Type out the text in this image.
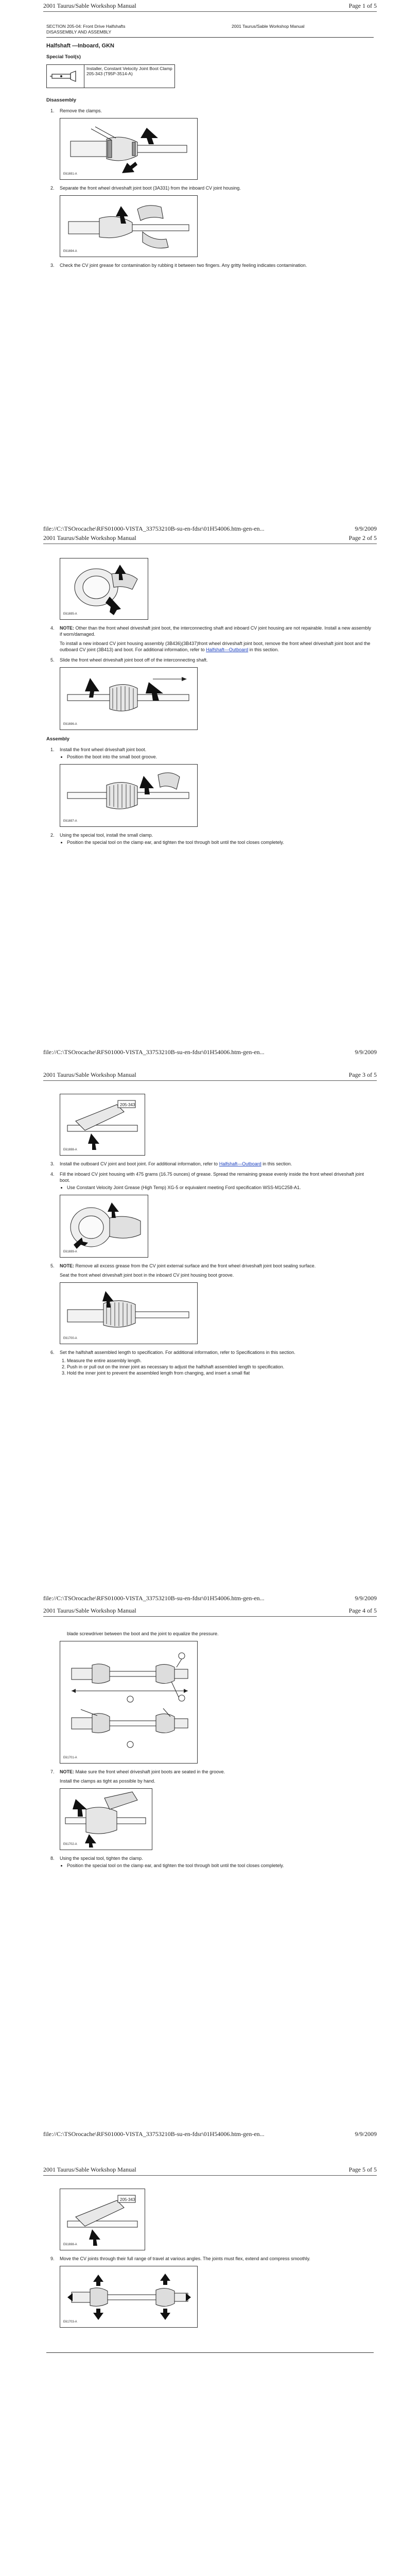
2001 Taurus/Sable Workshop Manual	Page 1 of 5
SECTION 205-04: Front Drive Halfshafts
DISASSEMBLY AND ASSEMBLY
2001 Taurus/Sable Workshop Manual
Halfshaft —Inboard, GKN
Special Tool(s)

Installer, Constant Velocity Joint Boot Clamp
205-343 (T95P-3514-A)
Disassembly
1. Remove the clamps.
E61691-A
2. Separate the front wheel driveshaft joint boot (3A331) from the inboard CV joint housing.
E61694-A
3. Check the CV joint grease for contamination by rubbing it between two fingers. Any gritty feeling indicates contamination.
file://C:\TSOrocache\RFS01000-VISTA_33753210B-su-en-fdsr\01H54006.htm-gen-en...	9/9/2009
2001 Taurus/Sable Workshop Manual	Page 2 of 5
E61695-A
4. NOTE: Other than the front wheel driveshaft joint boot, the interconnecting shaft and inboard CV joint housing are not repairable. Install a new assembly if worn/damaged.
To install a new inboard CV joint housing assembly (3B436)(3B437)front wheel driveshaft joint boot, remove the front wheel driveshaft joint boot and the outboard CV joint (3B413) and boot. For additional information, refer to Halfshaft—Outboard in this section.
5. Slide the front wheel driveshaft joint boot off of the interconnecting shaft.
E61696-A
Assembly
1. Install the front wheel driveshaft joint boot.
• Position the boot into the small boot groove.
E61697-A
2. Using the special tool, install the small clamp.
• Position the special tool on the clamp ear, and tighten the tool through bolt until the tool closes completely.
file://C:\TSOrocache\RFS01000-VISTA_33753210B-su-en-fdsr\01H54006.htm-gen-en...	9/9/2009
2001 Taurus/Sable Workshop Manual	Page 3 of 5
205-343
E61698-A
3. Install the outboard CV joint and boot joint. For additional information, refer to Halfshaft—Outboard in this section.
4. Fill the inboard CV joint housing with 475 grams (16.75 ounces) of grease. Spread the remaining grease evenly inside the front wheel driveshaft joint boot.
• Use Constant Velocity Joint Grease (High Temp) XG-5 or equivalent meeting Ford specification WSS-M1C258-A1.
E61699-A
5. NOTE: Remove all excess grease from the CV joint external surface and the front wheel driveshaft joint boot sealing surface.
Seat the front wheel driveshaft joint boot in the inboard CV joint housing boot groove.
E61700-A
6. Set the halfshaft assembled length to specification. For additional information, refer to Specifications in this section.
1. Measure the entire assembly length.
2. Push in or pull out on the inner joint as necessary to adjust the halfshaft assembled length to specification.
3. Hold the inner joint to prevent the assembled length from changing, and insert a small flat
file://C:\TSOrocache\RFS01000-VISTA_33753210B-su-en-fdsr\01H54006.htm-gen-en...	9/9/2009
2001 Taurus/Sable Workshop Manual	Page 4 of 5
blade screwdriver between the boot and the joint to equalize the pressure.
E61701-A
7. NOTE: Make sure the front wheel driveshaft joint boots are seated in the groove.
Install the clamps as tight as possible by hand.
E61702-A
8. Using the special tool, tighten the clamp.
• Position the special tool on the clamp ear, and tighten the tool through bolt until the tool closes completely.
file://C:\TSOrocache\RFS01000-VISTA_33753210B-su-en-fdsr\01H54006.htm-gen-en...	9/9/2009
2001 Taurus/Sable Workshop Manual	Page 5 of 5
205-343
E61698-A
9. Move the CV joints through their full range of travel at various angles. The joints must flex, extend and compress smoothly.
E61703-A
